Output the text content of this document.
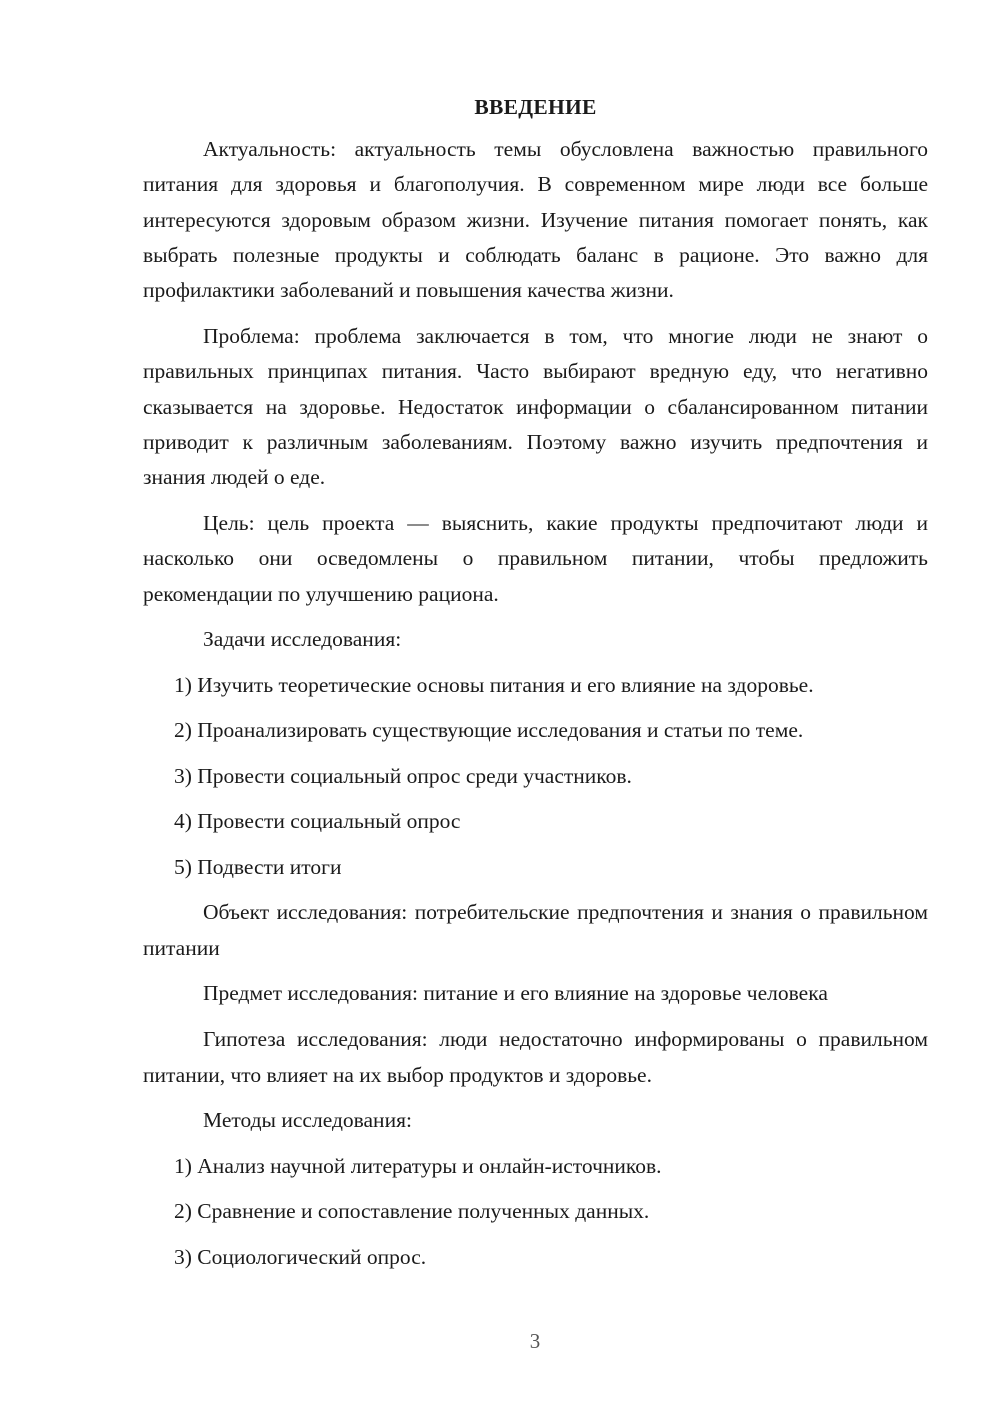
ВВЕДЕНИЕ

Актуальность: актуальность темы обусловлена важностью правильного питания для здоровья и благополучия. В современном мире люди все больше интересуются здоровым образом жизни. Изучение питания помогает понять, как выбрать полезные продукты и соблюдать баланс в рационе. Это важно для профилактики заболеваний и повышения качества жизни.

Проблема: проблема заключается в том, что многие люди не знают о правильных принципах питания. Часто выбирают вредную еду, что негативно сказывается на здоровье. Недостаток информации о сбалансированном питании приводит к различным заболеваниям. Поэтому важно изучить предпочтения и знания людей о еде.

Цель: цель проекта — выяснить, какие продукты предпочитают люди и насколько они осведомлены о правильном питании, чтобы предложить рекомендации по улучшению рациона.

Задачи исследования:
1) Изучить теоретические основы питания и его влияние на здоровье.
2) Проанализировать существующие исследования и статьи по теме.
3) Провести социальный опрос среди участников.
4) Провести социальный опрос
5) Подвести итоги

Объект исследования: потребительские предпочтения и знания о правильном питании

Предмет исследования: питание и его влияние на здоровье человека

Гипотеза исследования: люди недостаточно информированы о правильном питании, что влияет на их выбор продуктов и здоровье.

Методы исследования:
1) Анализ научной литературы и онлайн-источников.
2) Сравнение и сопоставление полученных данных.
3) Социологический опрос.
3
